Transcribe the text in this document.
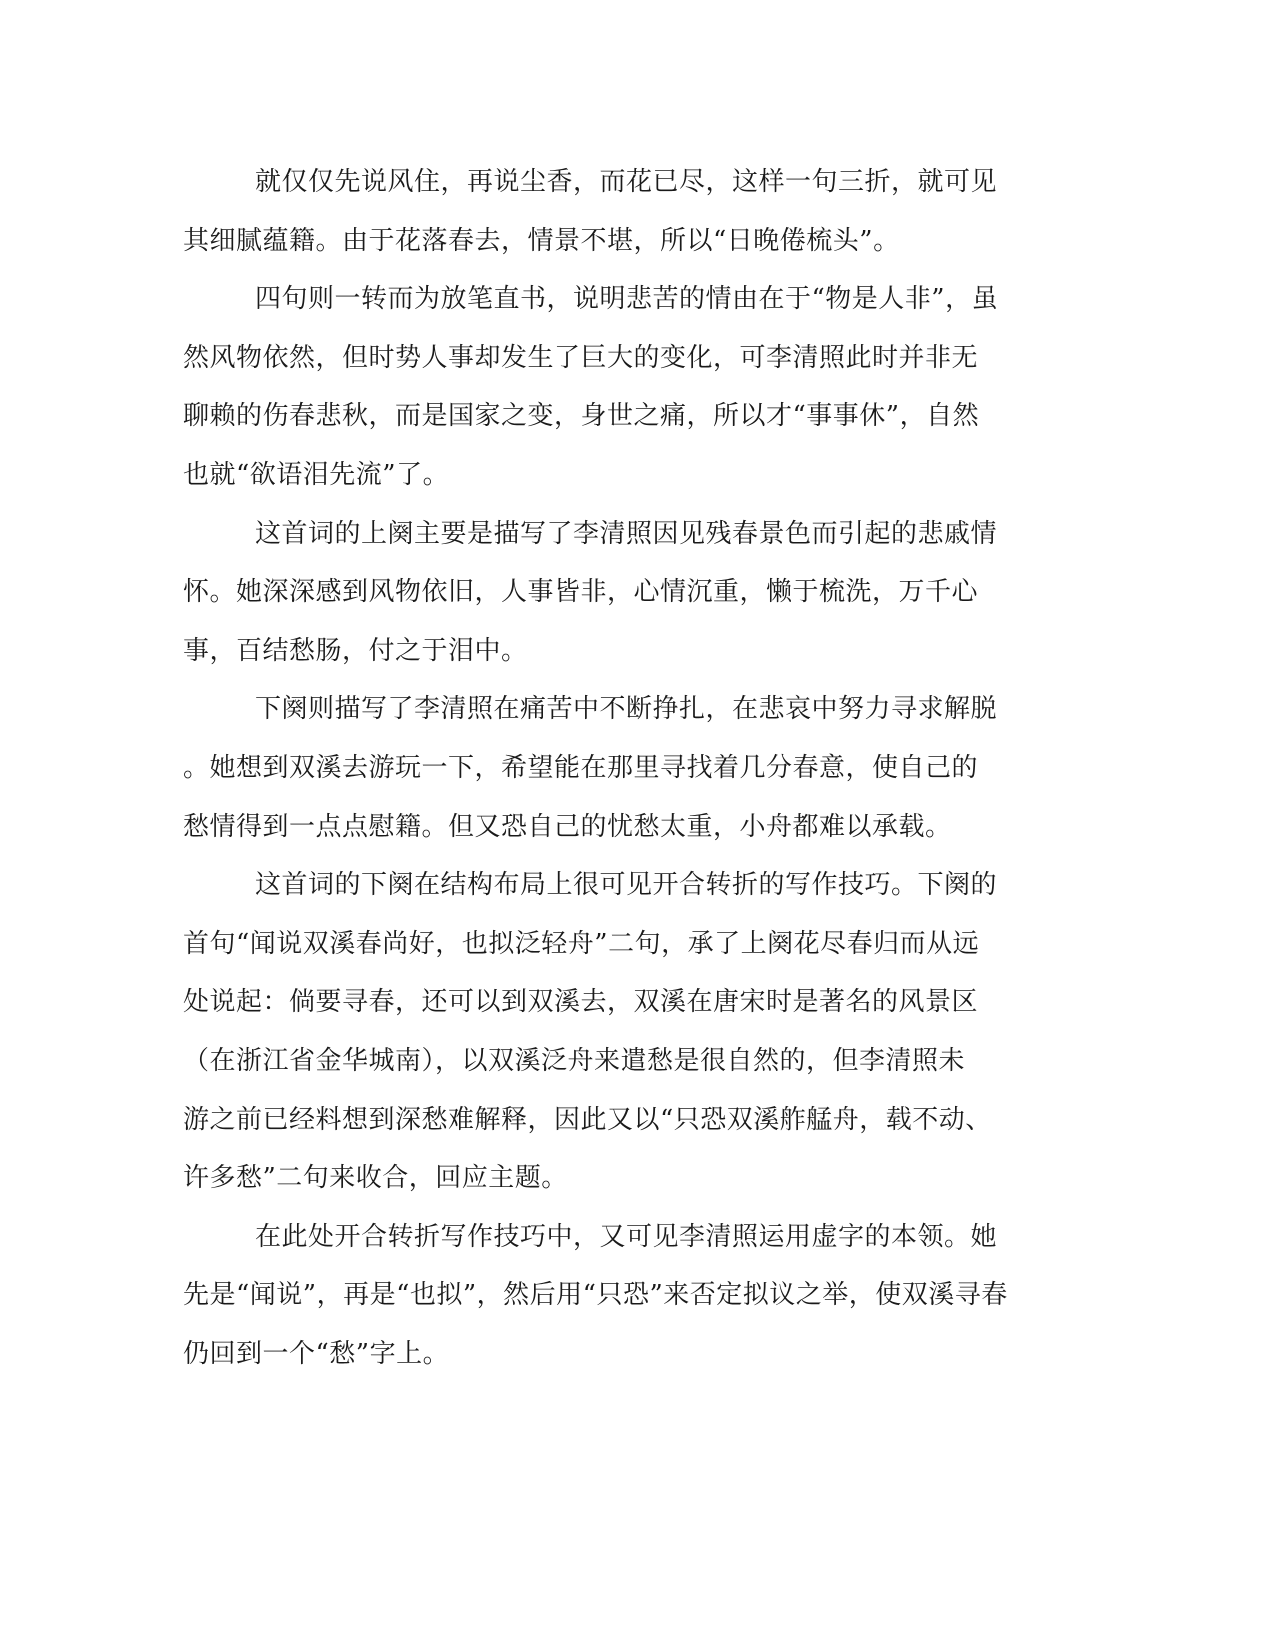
就仅仅先说风住，再说尘香，而花已尽，这样一句三折，就可见
其细腻蕴籍。由于花落春去，情景不堪，所以“日晚倦梳头”。

四句则一转而为放笔直书，说明悲苦的情由在于“物是人非”，虽
然风物依然，但时势人事却发生了巨大的变化，可李清照此时并非无
聊赖的伤春悲秋，而是国家之变，身世之痛，所以才“事事休”，自然
也就“欲语泪先流”了。

这首词的上阕主要是描写了李清照因见残春景色而引起的悲戚情
怀。她深深感到风物依旧，人事皆非，心情沉重，懒于梳洗，万千心
事，百结愁肠，付之于泪中。

下阕则描写了李清照在痛苦中不断挣扎，在悲哀中努力寻求解脱
。她想到双溪去游玩一下，希望能在那里寻找着几分春意，使自己的
愁情得到一点点慰籍。但又恐自己的忧愁太重，小舟都难以承载。

这首词的下阕在结构布局上很可见开合转折的写作技巧。下阕的
首句“闻说双溪春尚好，也拟泛轻舟”二句，承了上阕花尽春归而从远
处说起：倘要寻春，还可以到双溪去，双溪在唐宋时是著名的风景区
（在浙江省金华城南），以双溪泛舟来遣愁是很自然的，但李清照未
游之前已经料想到深愁难解释，因此又以“只恐双溪舴艋舟，载不动、
许多愁”二句来收合，回应主题。

在此处开合转折写作技巧中，又可见李清照运用虚字的本领。她
先是“闻说”，再是“也拟”，然后用“只恐”来否定拟议之举，使双溪寻春
仍回到一个“愁”字上。
